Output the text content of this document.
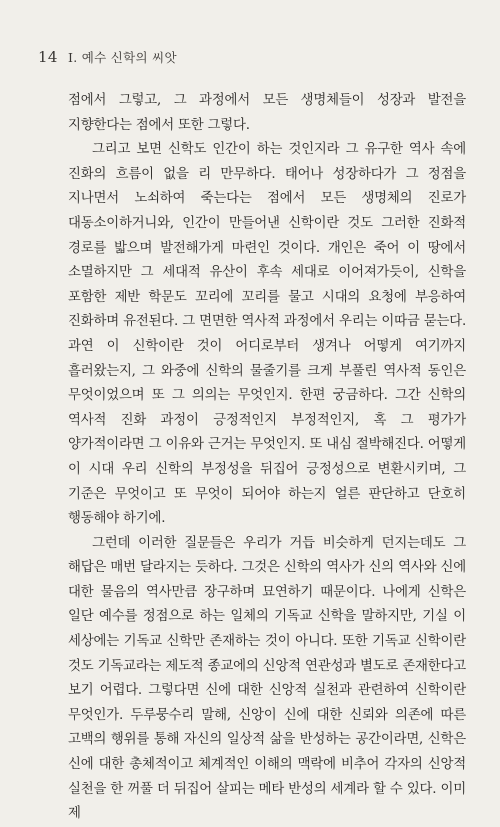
14 I. 예수 신학의 씨앗

점에서 그렇고, 그 과정에서 모든 생명체들이 성장과 발전을 지향한다는 점에서 또한 그렇다.

그리고 보면 신학도 인간이 하는 것인지라 그 유구한 역사 속에 진화의 흐름이 없을 리 만무하다. 태어나 성장하다가 그 정점을 지나면서 노쇠하여 죽는다는 점에서 모든 생명체의 진로가 대동소이하거니와, 인간이 만들어낸 신학이란 것도 그러한 진화적 경로를 밟으며 발전해가게 마련인 것이다. 개인은 죽어 이 땅에서 소멸하지만 그 세대적 유산이 후속 세대로 이어져가듯이, 신학을 포함한 제반 학문도 꼬리에 꼬리를 물고 시대의 요청에 부응하여 진화하며 유전된다. 그 면면한 역사적 과정에서 우리는 이따금 묻는다. 과연 이 신학이란 것이 어디로부터 생겨나 어떻게 여기까지 흘러왔는지, 그 와중에 신학의 물줄기를 크게 부풀린 역사적 동인은 무엇이었으며 또 그 의의는 무엇인지. 한편 궁금하다. 그간 신학의 역사적 진화 과정이 긍정적인지 부정적인지, 혹 그 평가가 양가적이라면 그 이유와 근거는 무엇인지. 또 내심 절박해진다. 어떻게 이 시대 우리 신학의 부정성을 뒤집어 긍정성으로 변환시키며, 그 기준은 무엇이고 또 무엇이 되어야 하는지 얼른 판단하고 단호히 행동해야 하기에.

그런데 이러한 질문들은 우리가 거듭 비슷하게 던지는데도 그 해답은 매번 달라지는 듯하다. 그것은 신학의 역사가 신의 역사와 신에 대한 물음의 역사만큼 장구하며 묘연하기 때문이다. 나에게 신학은 일단 예수를 정점으로 하는 일체의 기독교 신학을 말하지만, 기실 이 세상에는 기독교 신학만 존재하는 것이 아니다. 또한 기독교 신학이란 것도 기독교라는 제도적 종교에의 신앙적 연관성과 별도로 존재한다고 보기 어렵다. 그렇다면 신에 대한 신앙적 실천과 관련하여 신학이란 무엇인가. 두루뭉수리 말해, 신앙이 신에 대한 신뢰와 의존에 따른 고백의 행위를 통해 자신의 일상적 삶을 반성하는 공간이라면, 신학은 신에 대한 총체적이고 체계적인 이해의 맥락에 비추어 각자의 신앙적 실천을 한 꺼풀 더 뒤집어 살피는 메타 반성의 세계라 할 수 있다. 이미 제
